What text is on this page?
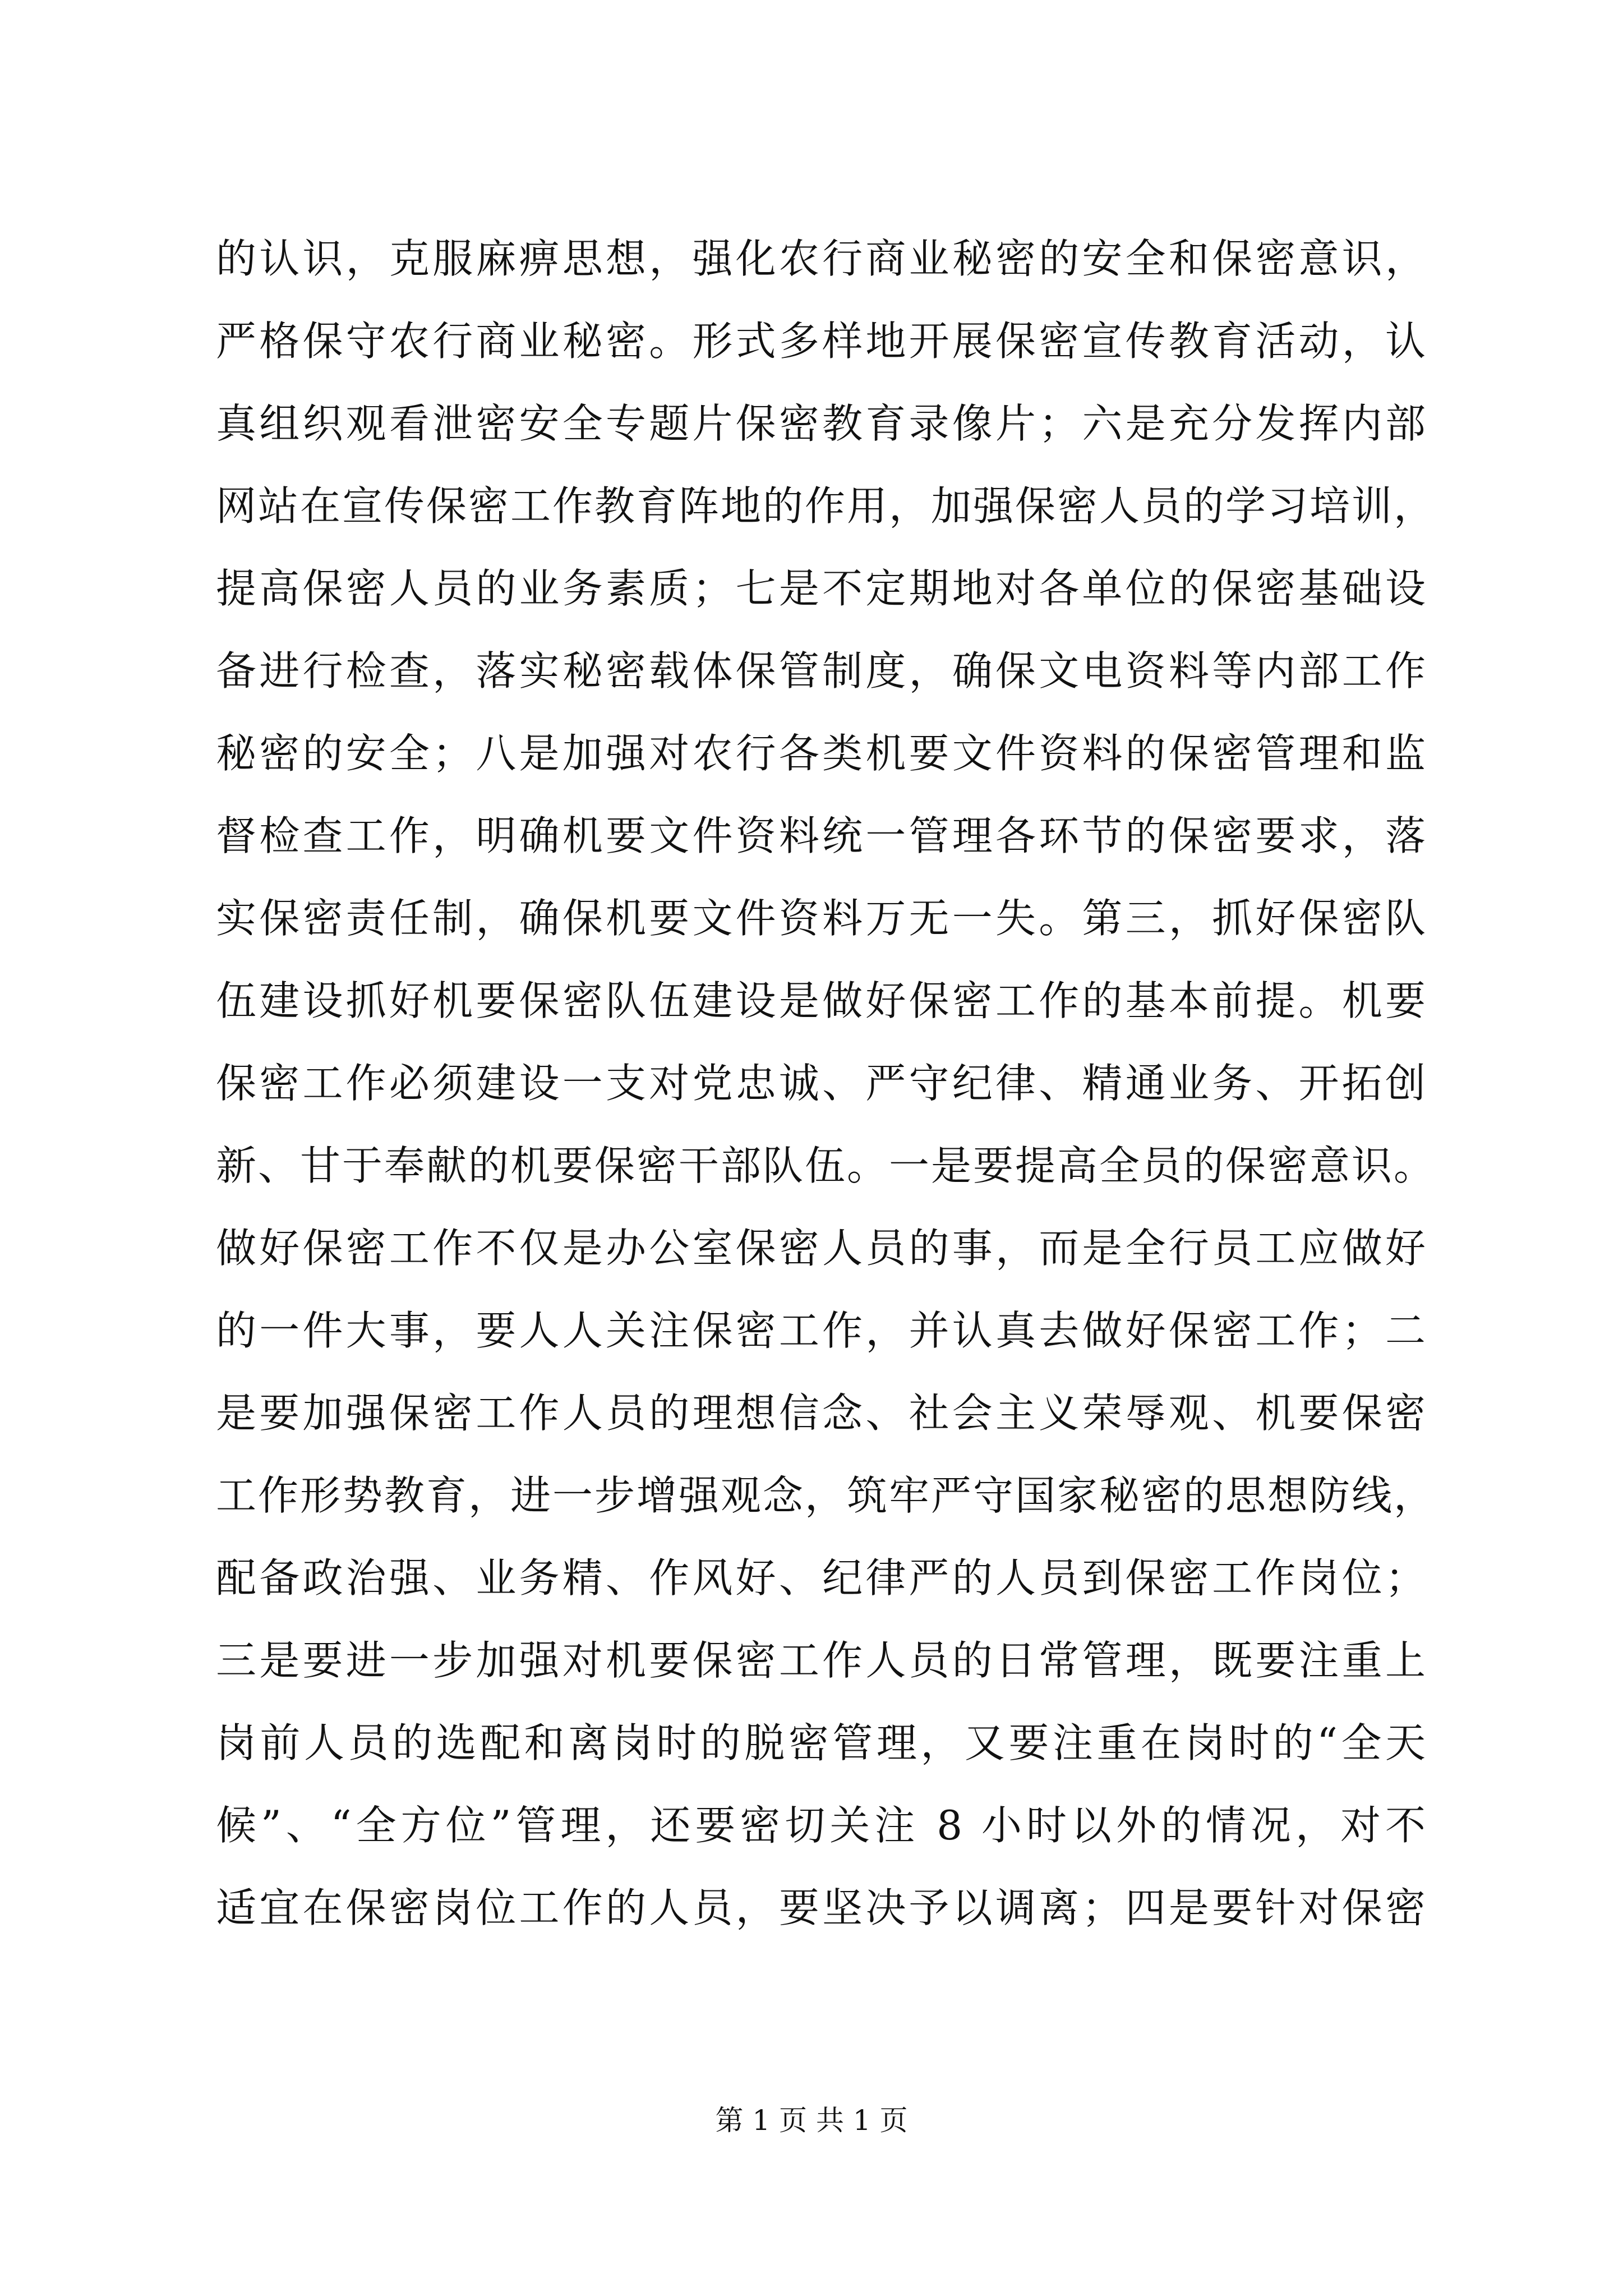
的认识，克服麻痹思想，强化农行商业秘密的安全和保密意识，
严格保守农行商业秘密。形式多样地开展保密宣传教育活动，认
真组织观看泄密安全专题片保密教育录像片；六是充分发挥内部
网站在宣传保密工作教育阵地的作用，加强保密人员的学习培训，
提高保密人员的业务素质；七是不定期地对各单位的保密基础设
备进行检查，落实秘密载体保管制度，确保文电资料等内部工作
秘密的安全；八是加强对农行各类机要文件资料的保密管理和监
督检查工作，明确机要文件资料统一管理各环节的保密要求，落
实保密责任制，确保机要文件资料万无一失。第三，抓好保密队
伍建设抓好机要保密队伍建设是做好保密工作的基本前提。机要
保密工作必须建设一支对党忠诚、严守纪律、精通业务、开拓创
新、甘于奉献的机要保密干部队伍。一是要提高全员的保密意识。
做好保密工作不仅是办公室保密人员的事，而是全行员工应做好
的一件大事，要人人关注保密工作，并认真去做好保密工作；二
是要加强保密工作人员的理想信念、社会主义荣辱观、机要保密
工作形势教育，进一步增强观念，筑牢严守国家秘密的思想防线，
配备政治强、业务精、作风好、纪律严的人员到保密工作岗位；
三是要进一步加强对机要保密工作人员的日常管理，既要注重上
岗前人员的选配和离岗时的脱密管理，又要注重在岗时的“全天
候”、“全方位”管理，还要密切关注 8 小时以外的情况，对不
适宜在保密岗位工作的人员，要坚决予以调离；四是要针对保密
第 1 页 共 1 页
